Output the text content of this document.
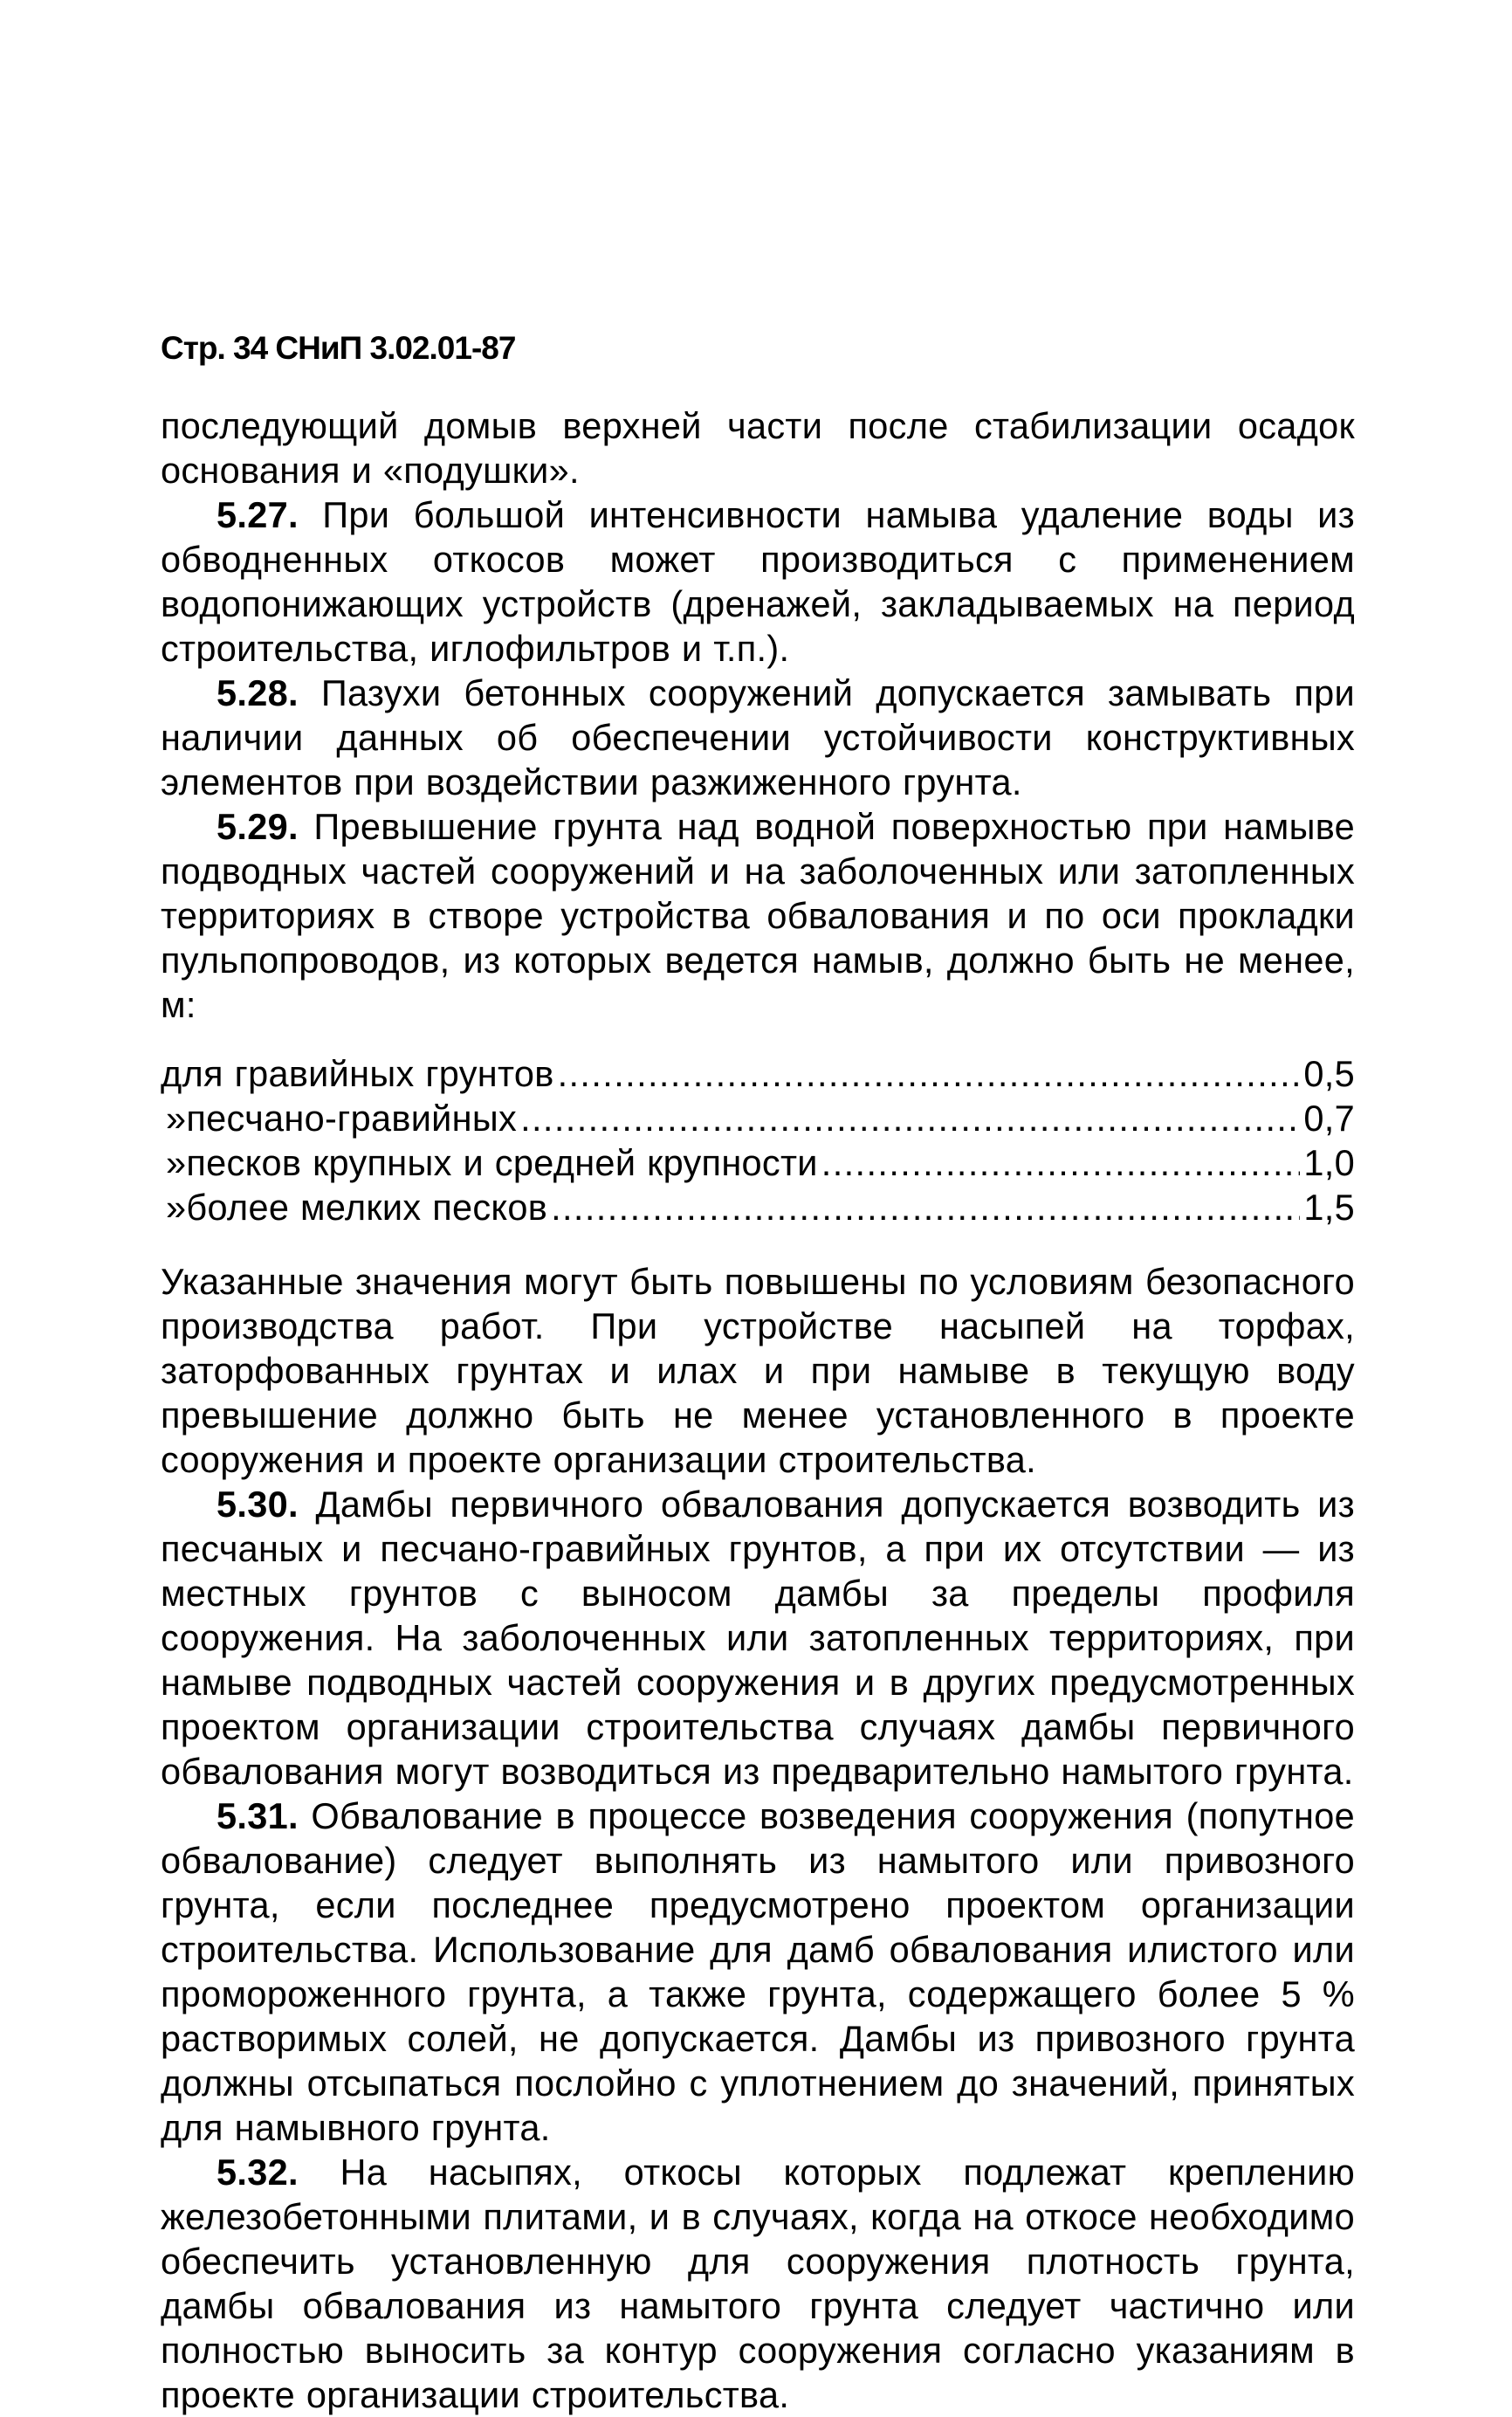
Стр. 34 СНиП 3.02.01-87

последующий домыв верхней части после стабилизации осадок основания и «подушки».

5.27. При большой интенсивности намыва удаление воды из обводненных откосов может производиться с применением водопонижающих устройств (дренажей, закладываемых на период строительства, иглофильтров и т.п.).

5.28. Пазухи бетонных сооружений допускается замывать при наличии данных об обеспечении устойчивости конструктивных элементов при воздействии разжиженного грунта.

5.29. Превышение грунта над водной поверхностью при намыве подводных частей сооружений и на заболоченных или затопленных территориях в створе устройства обвалования и по оси прокладки пульпопроводов, из которых ведется намыв, должно быть не менее, м:

для гравийных грунтов .....	0,5
» песчано-гравийных .....	0,7
» песков крупных и средней крупности .....	1,0
» более мелких песков .....	1,5

Указанные значения могут быть повышены по условиям безопасного производства работ. При устройстве насыпей на торфах, заторфованных грунтах и илах и при намыве в текущую воду превышение должно быть не менее установленного в проекте сооружения и проекте организации строительства.

5.30. Дамбы первичного обвалования допускается возводить из песчаных и песчано-гравийных грунтов, а при их отсутствии — из местных грунтов с выносом дамбы за пределы профиля сооружения. На заболоченных или затопленных территориях, при намыве подводных частей сооружения и в других предусмотренных проектом организации строительства случаях дамбы первичного обвалования могут возводиться из предварительно намытого грунта.

5.31. Обвалование в процессе возведения сооружения (попутное обвалование) следует выполнять из намытого или привозного грунта, если последнее предусмотрено проектом организации строительства. Использование для дамб обвалования илистого или промороженного грунта, а также грунта, содержащего более 5 % растворимых солей, не допускается. Дамбы из привозного грунта должны отсыпаться послойно с уплотнением до значений, принятых для намывного грунта.

5.32. На насыпях, откосы которых подлежат креплению железобетонными плитами, и в случаях, когда на откосе необходимо обеспечить установленную для сооружения плотность грунта, дамбы обвалования из намытого грунта следует частично или полностью выносить за контур сооружения согласно указаниям в проекте организации строительства.
